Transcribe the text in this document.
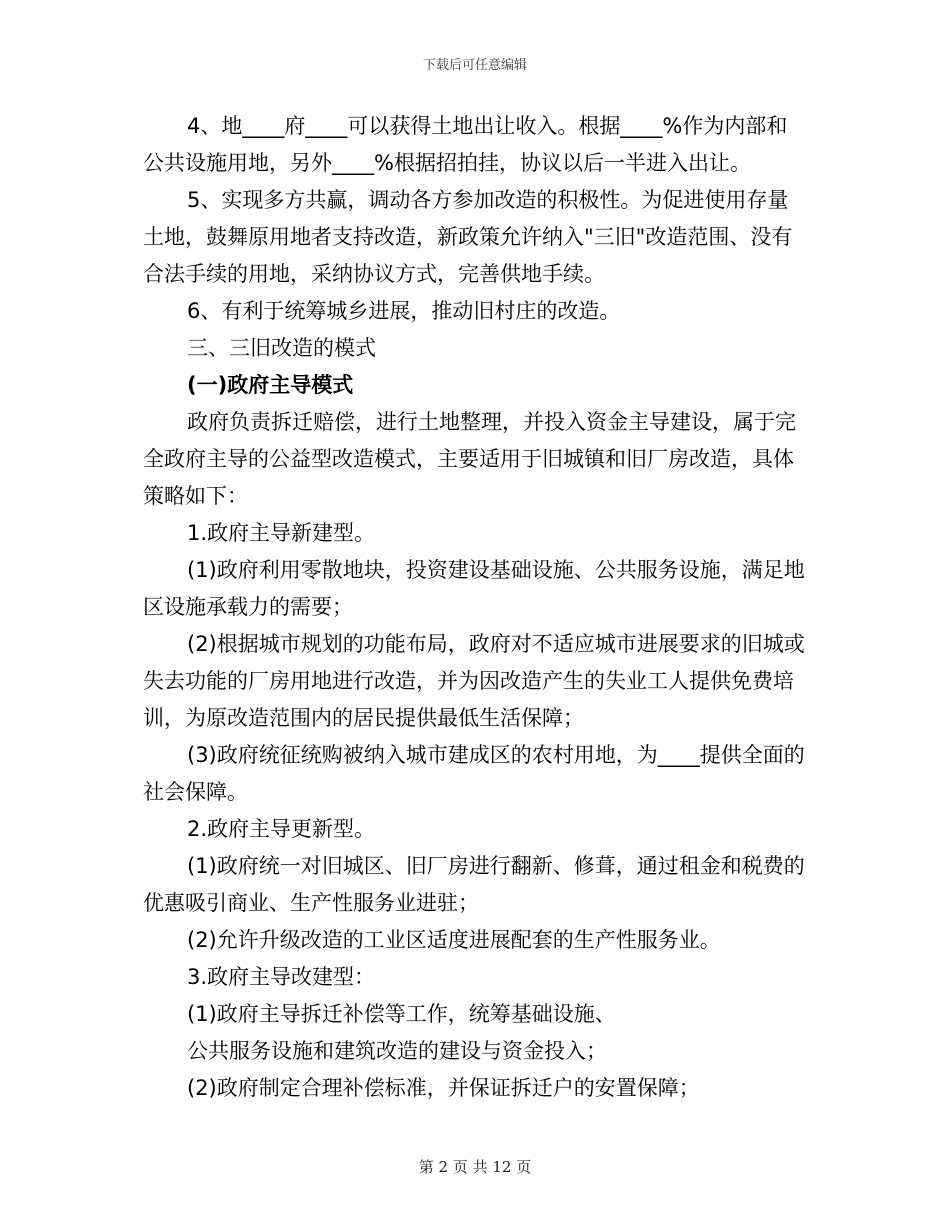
下载后可任意编辑

4、地____府____可以获得土地出让收入。根据____%作为内部和公共设施用地，另外____%根据招拍挂，协议以后一半进入出让。

5、实现多方共赢，调动各方参加改造的积极性。为促进使用存量土地，鼓舞原用地者支持改造，新政策允许纳入"三旧"改造范围、没有合法手续的用地，采纳协议方式，完善供地手续。

6、有利于统筹城乡进展，推动旧村庄的改造。

三、三旧改造的模式

(一)政府主导模式

政府负责拆迁赔偿，进行土地整理，并投入资金主导建设，属于完全政府主导的公益型改造模式，主要适用于旧城镇和旧厂房改造，具体策略如下：

1.政府主导新建型。

(1)政府利用零散地块，投资建设基础设施、公共服务设施，满足地区设施承载力的需要；

(2)根据城市规划的功能布局，政府对不适应城市进展要求的旧城或失去功能的厂房用地进行改造，并为因改造产生的失业工人提供免费培训，为原改造范围内的居民提供最低生活保障；

(3)政府统征统购被纳入城市建成区的农村用地，为____提供全面的社会保障。

2.政府主导更新型。

(1)政府统一对旧城区、旧厂房进行翻新、修葺，通过租金和税费的优惠吸引商业、生产性服务业进驻；

(2)允许升级改造的工业区适度进展配套的生产性服务业。

3.政府主导改建型：

(1)政府主导拆迁补偿等工作，统筹基础设施、

公共服务设施和建筑改造的建设与资金投入；

(2)政府制定合理补偿标准，并保证拆迁户的安置保障；

第 2 页 共 12 页
